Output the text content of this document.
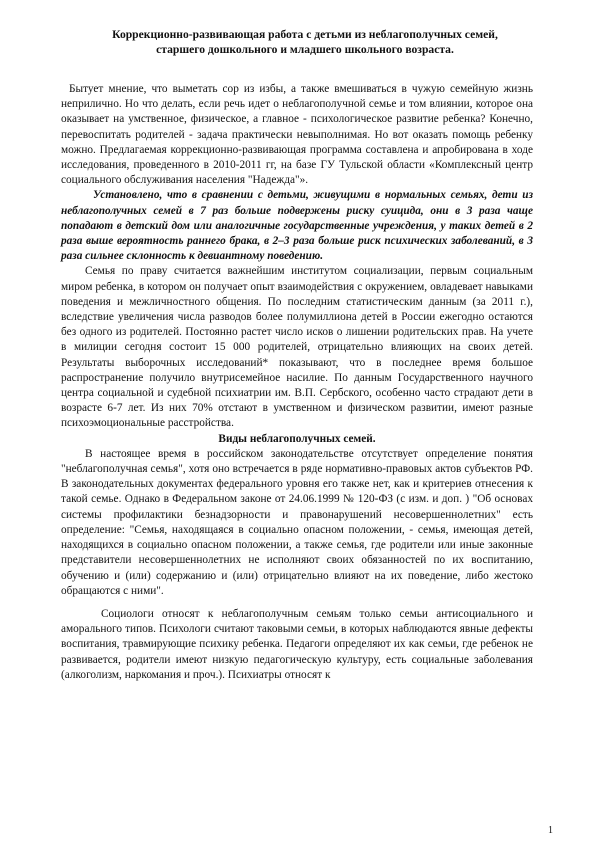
Коррекционно-развивающая работа с детьми из неблагополучных семей,
старшего дошкольного и младшего школьного возраста.

Бытует мнение, что выметать сор из избы, а также вмешиваться в чужую семейную жизнь неприлично. Но что делать, если речь идет о неблагополучной семье и том влиянии, которое она оказывает на умственное, физическое, а главное - психологическое развитие ребенка? Конечно, перевоспитать родителей - задача практически невыполнимая. Но вот оказать помощь ребенку можно. Предлагаемая коррекционно-развивающая программа составлена и апробирована в ходе исследования, проведенного в 2010-2011 гг, на базе ГУ Тульской области «Комплексный центр социального обслуживания населения "Надежда"».

Установлено, что в сравнении с детьми, живущими в нормальных семьях, дети из неблагополучных семей в 7 раз больше подвержены риску суицида, они в 3 раза чаще попадают в детский дом или аналогичные государственные учреждения, у таких детей в 2 раза выше вероятность раннего брака, в 2–3 раза больше риск психических заболеваний, в 3 раза сильнее склонность к девиантному поведению.

Семья по праву считается важнейшим институтом социализации, первым социальным миром ребенка, в котором он получает опыт взаимодействия с окружением, овладевает навыками поведения и межличностного общения. По последним статистическим данным (за 2011 г.), вследствие увеличения числа разводов более полумиллиона детей в России ежегодно остаются без одного из родителей. Постоянно растет число исков о лишении родительских прав. На учете в милиции сегодня состоит 15 000 родителей, отрицательно влияющих на своих детей. Результаты выборочных исследований* показывают, что в последнее время большое распространение получило внутрисемейное насилие. По данным Государственного научного центра социальной и судебной психиатрии им. В.П. Сербского, особенно часто страдают дети в возрасте 6-7 лет. Из них 70% отстают в умственном и физическом развитии, имеют разные психоэмоциональные расстройства.

Виды неблагополучных семей.

В настоящее время в российском законодательстве отсутствует определение понятия "неблагополучная семья", хотя оно встречается в ряде нормативно-правовых актов субъектов РФ. В законодательных документах федерального уровня его также нет, как и критериев отнесения к такой семье. Однако в Федеральном законе от 24.06.1999 № 120-ФЗ (с изм. и доп. ) "Об основах системы профилактики безнадзорности и правонарушений несовершеннолетних" есть определение: "Семья, находящаяся в социально опасном положении, - семья, имеющая детей, находящихся в социально опасном положении, а также семья, где родители или иные законные представители несовершеннолетних не исполняют своих обязанностей по их воспитанию, обучению и (или) содержанию и (или) отрицательно влияют на их поведение, либо жестоко обращаются с ними".

Социологи относят к неблагополучным семьям только семьи антисоциального и аморального типов. Психологи считают таковыми семьи, в которых наблюдаются явные дефекты воспитания, травмирующие психику ребенка. Педагоги определяют их как семьи, где ребенок не развивается, родители имеют низкую педагогическую культуру, есть социальные заболевания (алкоголизм, наркомания и проч.). Психиатры относят к

1
